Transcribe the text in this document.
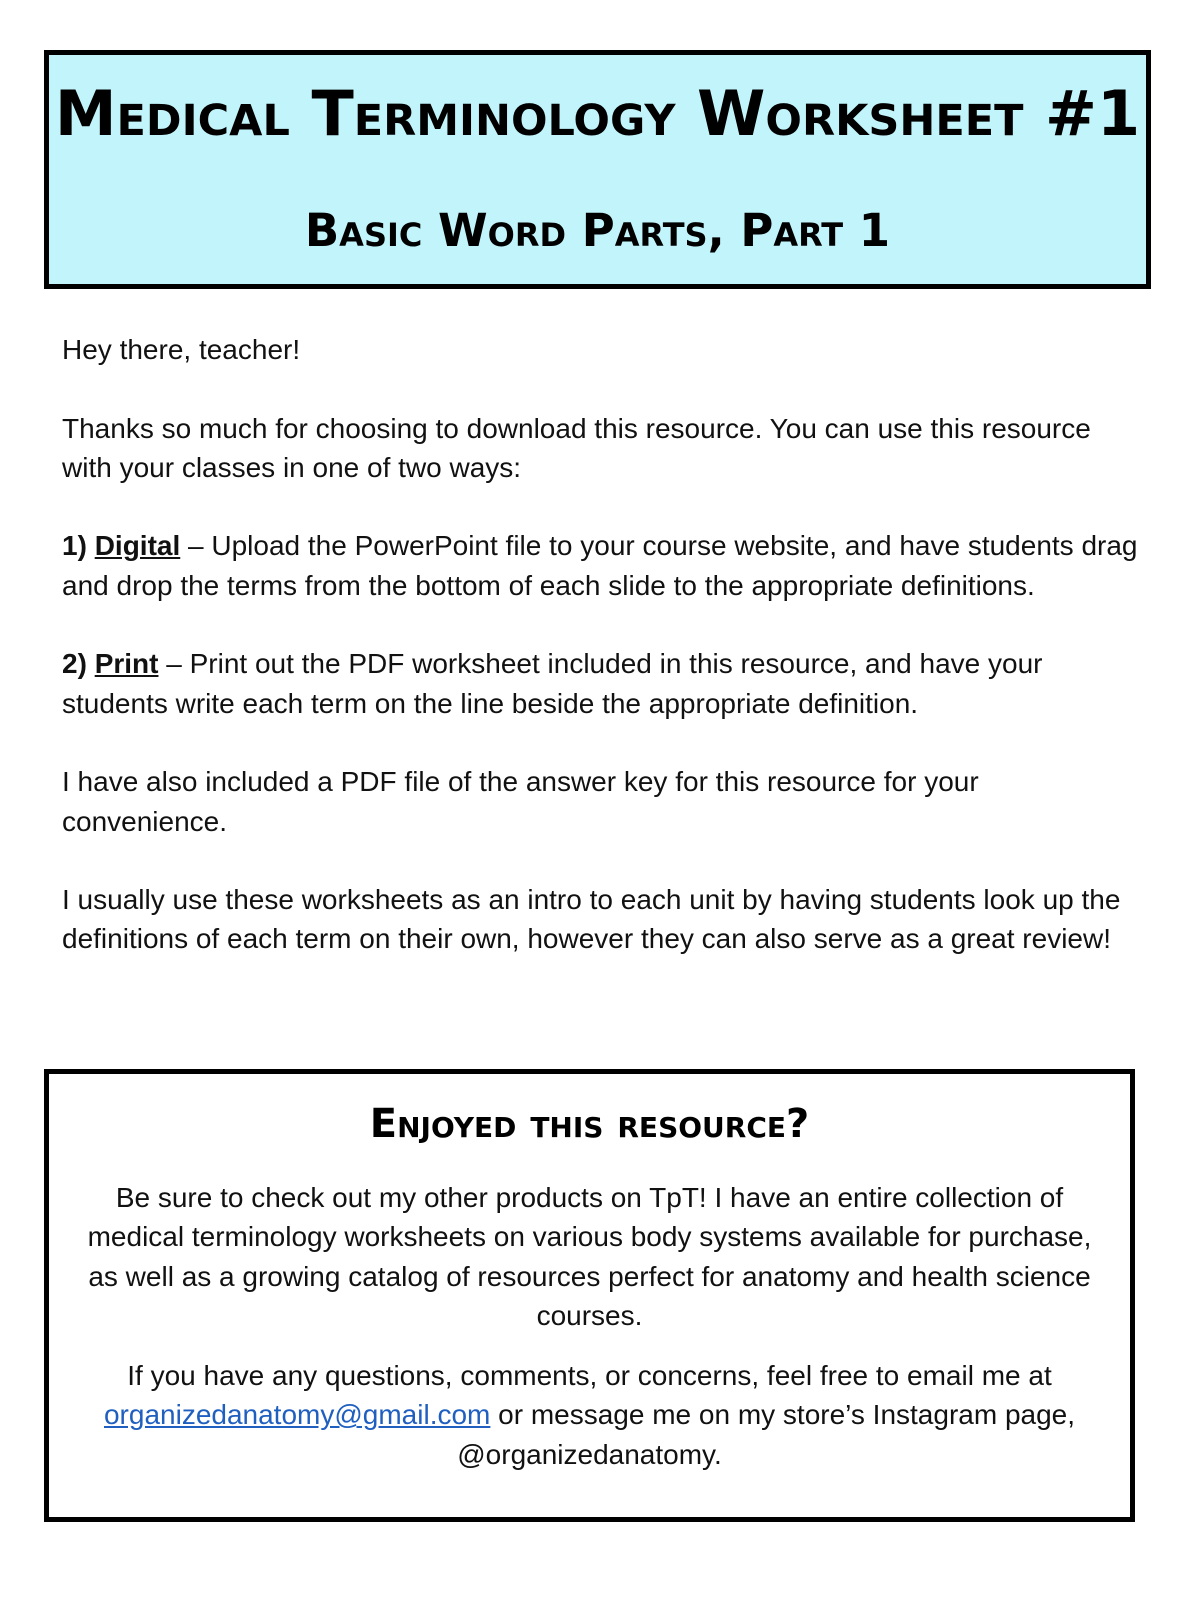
Medical Terminology Worksheet #1
Basic Word Parts, Part 1

Hey there, teacher!

Thanks so much for choosing to download this resource. You can use this resource with your classes in one of two ways:

1) Digital – Upload the PowerPoint file to your course website, and have students drag and drop the terms from the bottom of each slide to the appropriate definitions.

2) Print – Print out the PDF worksheet included in this resource, and have your students write each term on the line beside the appropriate definition.

I have also included a PDF file of the answer key for this resource for your convenience.

I usually use these worksheets as an intro to each unit by having students look up the definitions of each term on their own, however they can also serve as a great review!

Enjoyed this resource?

Be sure to check out my other products on TpT! I have an entire collection of medical terminology worksheets on various body systems available for purchase, as well as a growing catalog of resources perfect for anatomy and health science courses.

If you have any questions, comments, or concerns, feel free to email me at organizedanatomy@gmail.com or message me on my store’s Instagram page, @organizedanatomy.
